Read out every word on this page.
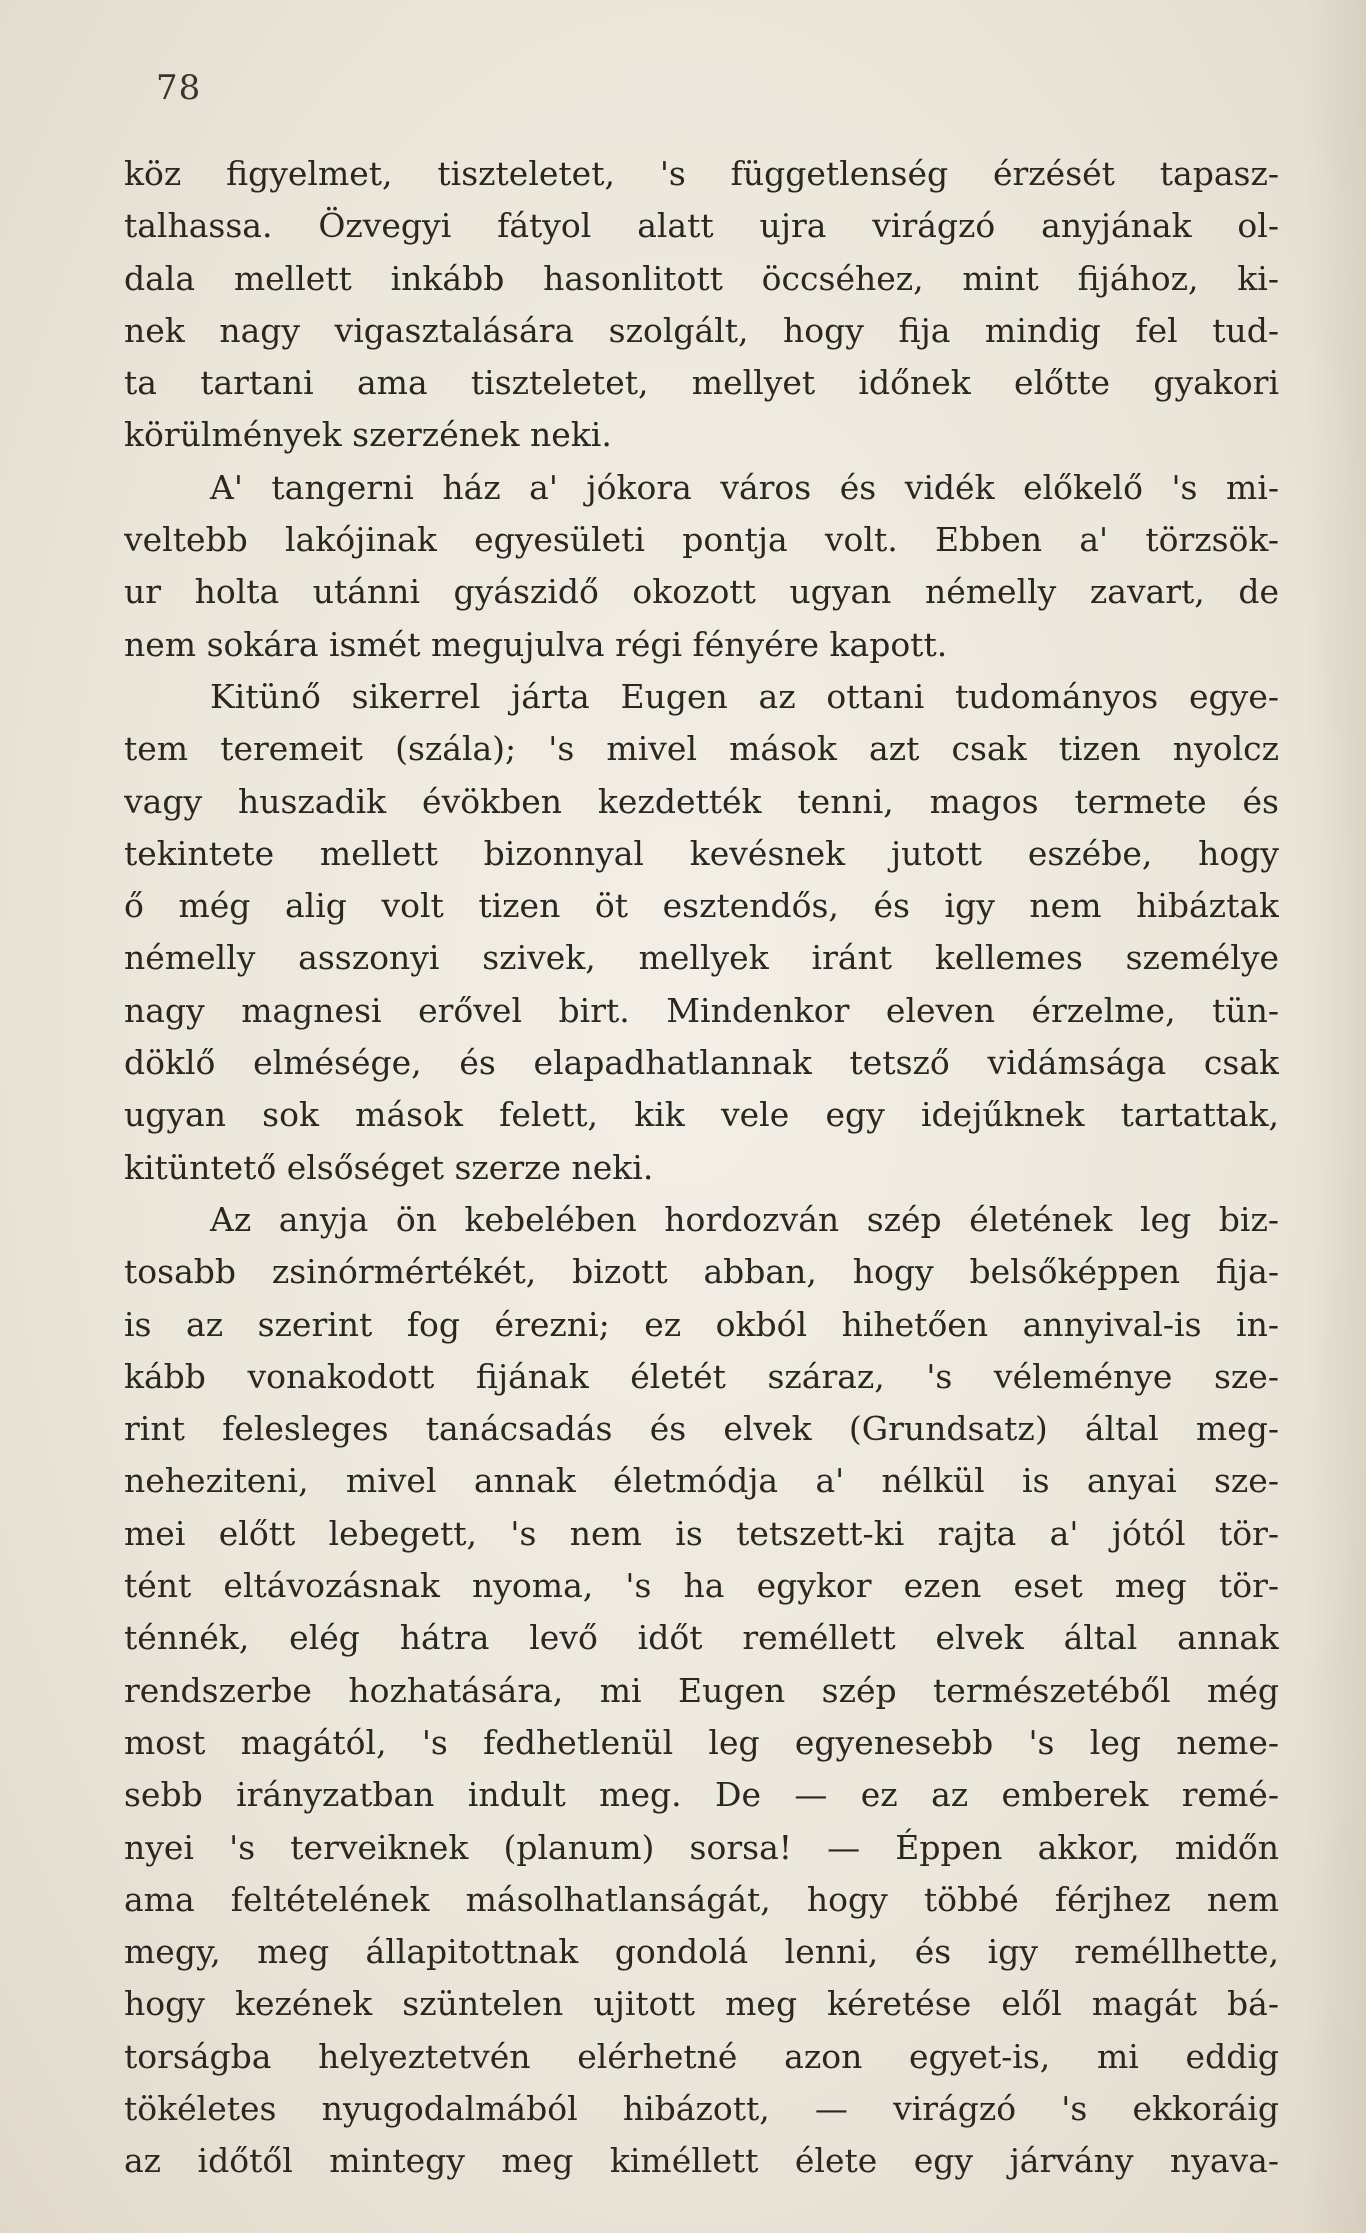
78
köz figyelmet, tiszteletet, 's függetlenség érzését tapasz-
talhassa. Özvegyi fátyol alatt ujra virágzó anyjának ol-
dala mellett inkább hasonlitott öccséhez, mint fijához, ki-
nek nagy vigasztalására szolgált, hogy fija mindig fel tud-
ta tartani ama tiszteletet, mellyet időnek előtte gyakori
körülmények szerzének neki.
A' tangerni ház a' jókora város és vidék előkelő 's mi-
veltebb lakójinak egyesületi pontja volt. Ebben a' törzsök-
ur holta utánni gyászidő okozott ugyan némelly zavart, de
nem sokára ismét megujulva régi fényére kapott.
Kitünő sikerrel járta Eugen az ottani tudományos egye-
tem teremeit (szála); 's mivel mások azt csak tizen nyolcz
vagy huszadik évökben kezdették tenni, magos termete és
tekintete mellett bizonnyal kevésnek jutott eszébe, hogy
ő még alig volt tizen öt esztendős, és igy nem hibáztak
némelly asszonyi szivek, mellyek iránt kellemes személye
nagy magnesi erővel birt. Mindenkor eleven érzelme, tün-
döklő elmésége, és elapadhatlannak tetsző vidámsága csak
ugyan sok mások felett, kik vele egy idejűknek tartattak,
kitüntető elsőséget szerze neki.
Az anyja ön kebelében hordozván szép életének leg biz-
tosabb zsinórmértékét, bizott abban, hogy belsőképpen fija-
is az szerint fog érezni; ez okból hihetően annyival-is in-
kább vonakodott fijának életét száraz, 's véleménye sze-
rint felesleges tanácsadás és elvek (Grundsatz) által meg-
neheziteni, mivel annak életmódja a' nélkül is anyai sze-
mei előtt lebegett, 's nem is tetszett-ki rajta a' jótól tör-
tént eltávozásnak nyoma, 's ha egykor ezen eset meg tör-
ténnék, elég hátra levő időt reméllett elvek által annak
rendszerbe hozhatására, mi Eugen szép természetéből még
most magától, 's fedhetlenül leg egyenesebb 's leg neme-
sebb irányzatban indult meg. De — ez az emberek remé-
nyei 's terveiknek (planum) sorsa! — Éppen akkor, midőn
ama feltételének másolhatlanságát, hogy többé férjhez nem
megy, meg állapitottnak gondolá lenni, és igy reméllhette,
hogy kezének szüntelen ujitott meg kéretése elől magát bá-
torságba helyeztetvén elérhetné azon egyet-is, mi eddig
tökéletes nyugodalmából hibázott, — virágzó 's ekkoráig
az időtől mintegy meg kiméllett élete egy járvány nyava-
